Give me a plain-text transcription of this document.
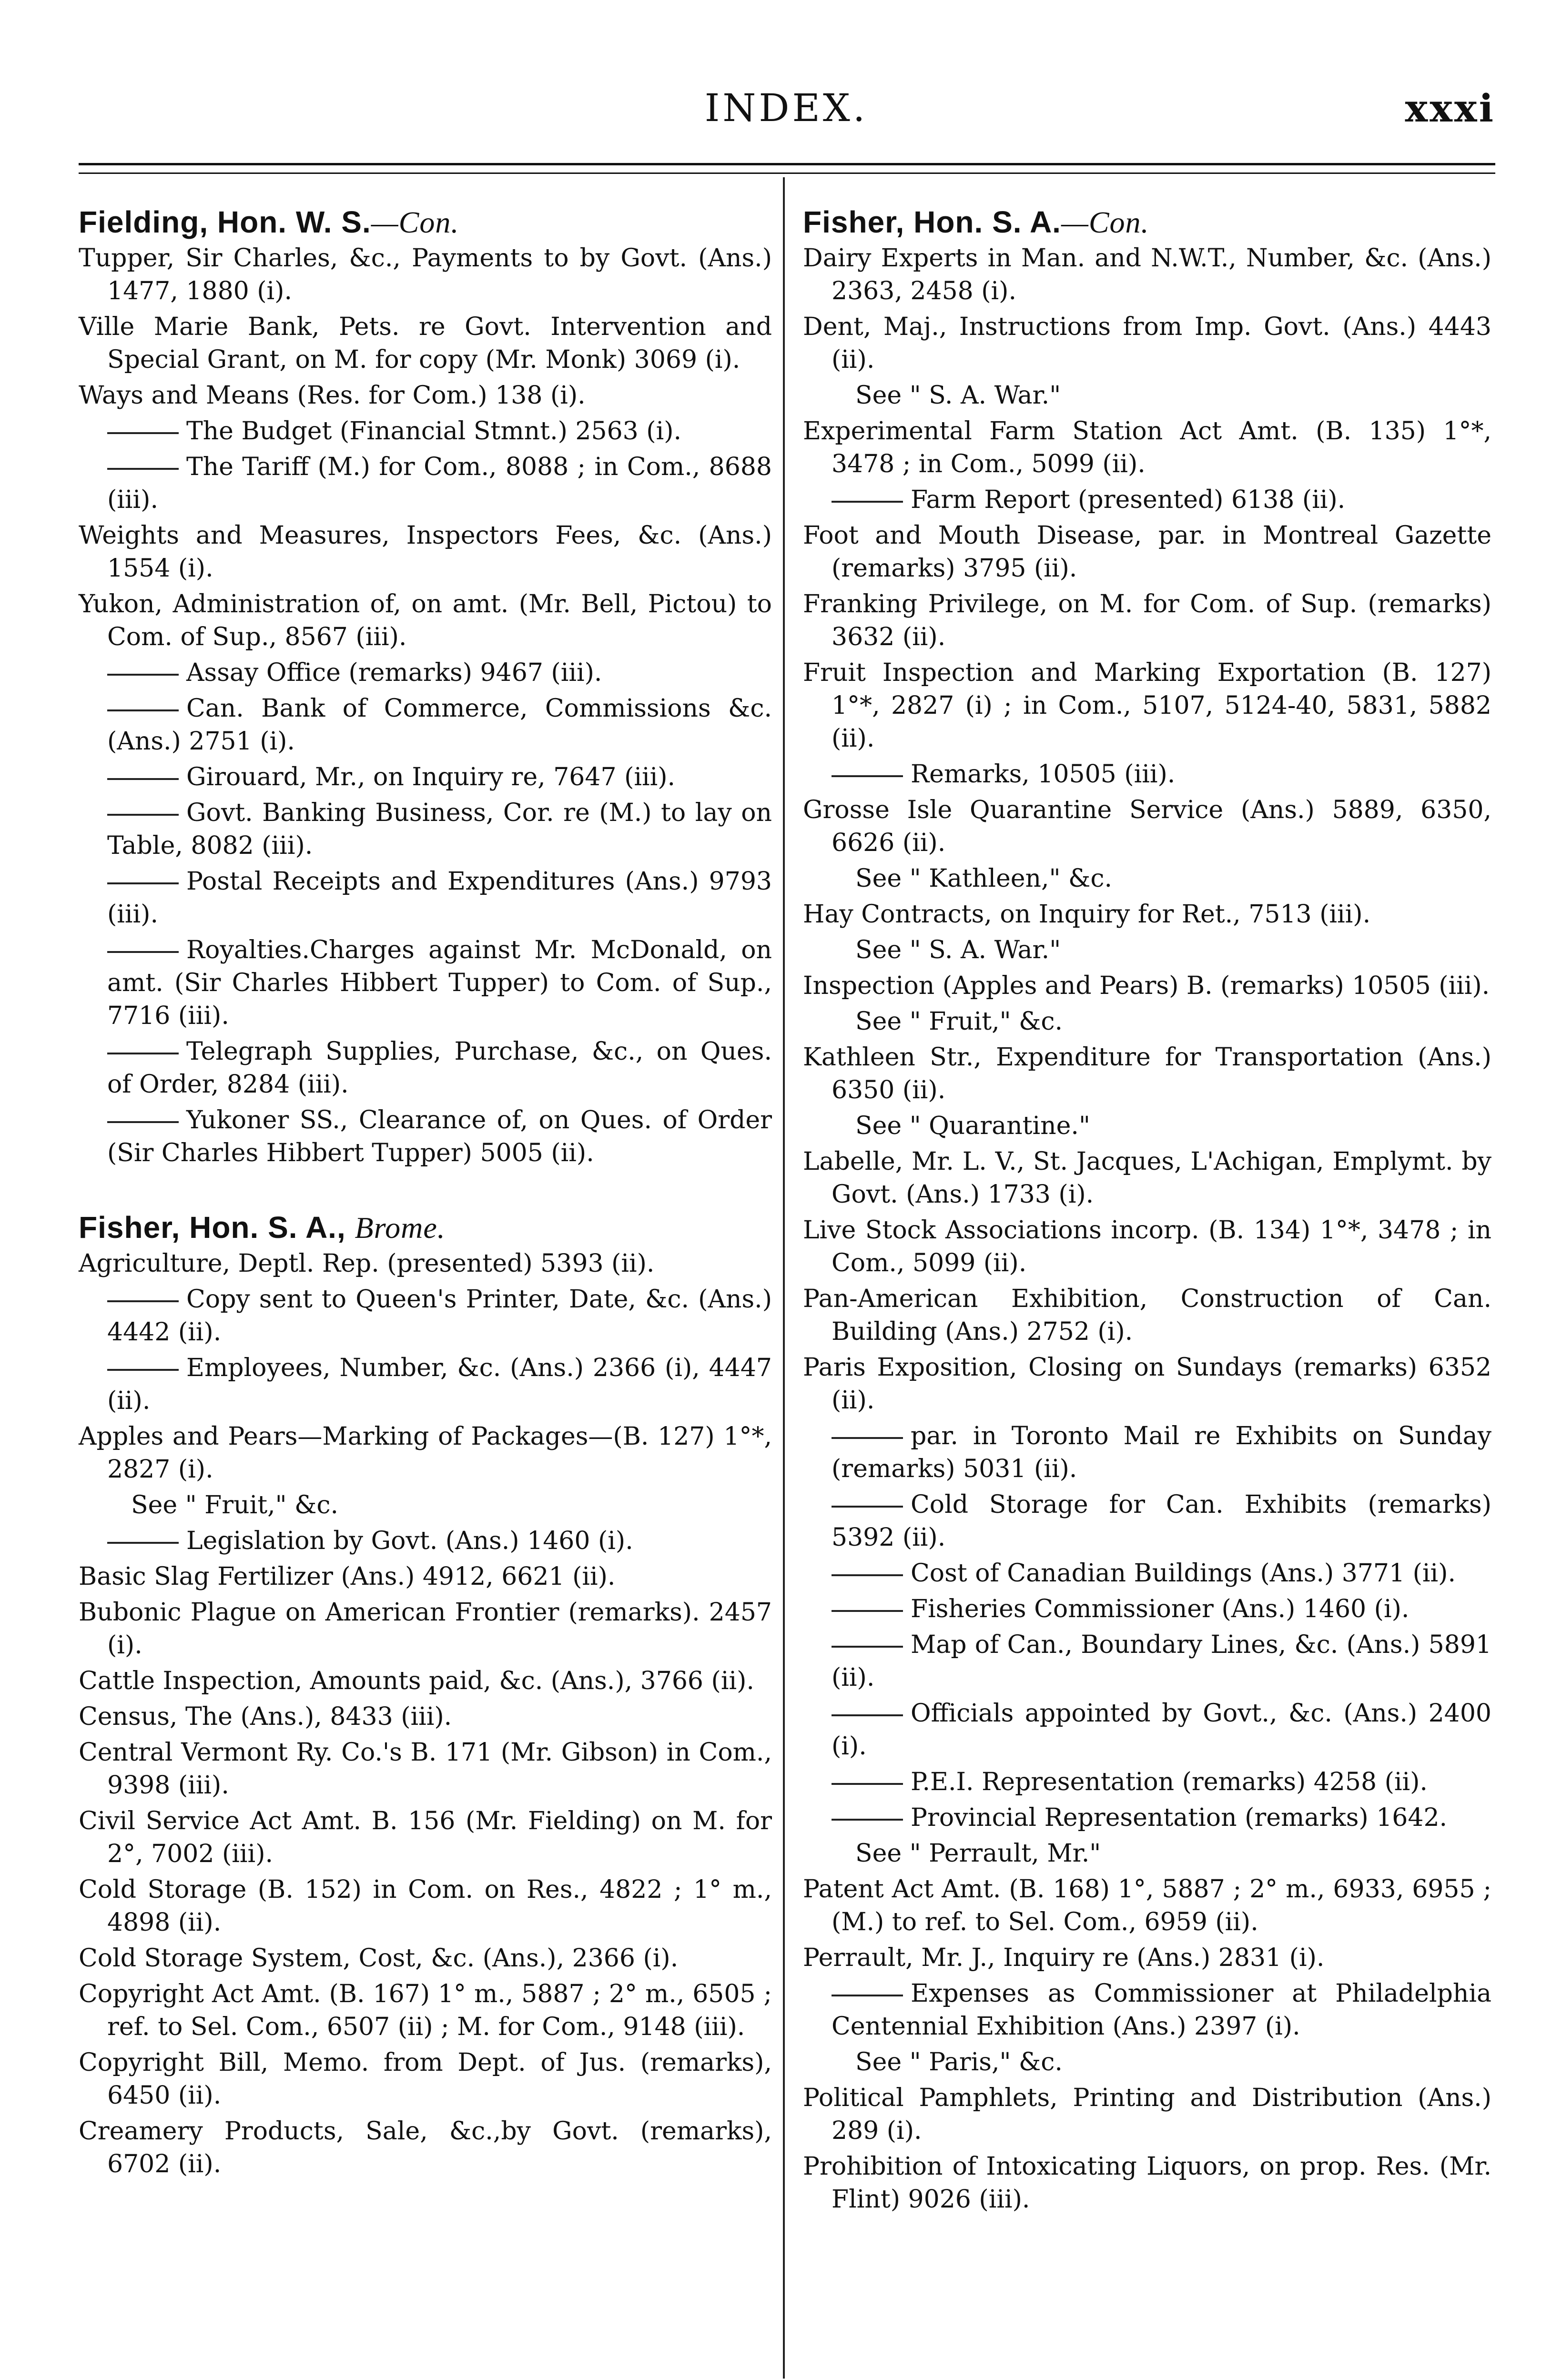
INDEX.	xxxi
Fielding, Hon. W. S.—Con.
Tupper, Sir Charles, &c., Payments to by Govt. (Ans.) 1477, 1880 (i).
Ville Marie Bank, Pets. re Govt. Intervention and Special Grant, on M. for copy (Mr. Monk) 3069 (i).
Ways and Means (Res. for Com.) 138 (i).
The Budget (Financial Stmnt.) 2563 (i).
The Tariff (M.) for Com., 8088 ; in Com., 8688 (iii).
Weights and Measures, Inspectors Fees, &c. (Ans.) 1554 (i).
Yukon, Administration of, on amt. (Mr. Bell, Pictou) to Com. of Sup., 8567 (iii).
Assay Office (remarks) 9467 (iii).
Can. Bank of Commerce, Commissions &c. (Ans.) 2751 (i).
Girouard, Mr., on Inquiry re, 7647 (iii).
Govt. Banking Business, Cor. re (M.) to lay on Table, 8082 (iii).
Postal Receipts and Expenditures (Ans.) 9793 (iii).
Royalties.Charges against Mr. McDonald, on amt. (Sir Charles Hibbert Tupper) to Com. of Sup., 7716 (iii).
Telegraph Supplies, Purchase, &c., on Ques. of Order, 8284 (iii).
Yukoner SS., Clearance of, on Ques. of Order (Sir Charles Hibbert Tupper) 5005 (ii).
Fisher, Hon. S. A., Brome.
Agriculture, Deptl. Rep. (presented) 5393 (ii).
Copy sent to Queen's Printer, Date, &c. (Ans.) 4442 (ii).
Employees, Number, &c. (Ans.) 2366 (i), 4447 (ii).
Apples and Pears—Marking of Packages—(B. 127) 1°*, 2827 (i).
See " Fruit," &c.
Legislation by Govt. (Ans.) 1460 (i).
Basic Slag Fertilizer (Ans.) 4912, 6621 (ii).
Bubonic Plague on American Frontier (remarks). 2457 (i).
Cattle Inspection, Amounts paid, &c. (Ans.), 3766 (ii).
Census, The (Ans.), 8433 (iii).
Central Vermont Ry. Co.'s B. 171 (Mr. Gibson) in Com., 9398 (iii).
Civil Service Act Amt. B. 156 (Mr. Fielding) on M. for 2°, 7002 (iii).
Cold Storage (B. 152) in Com. on Res., 4822 ; 1° m., 4898 (ii).
Cold Storage System, Cost, &c. (Ans.), 2366 (i).
Copyright Act Amt. (B. 167) 1° m., 5887 ; 2° m., 6505 ; ref. to Sel. Com., 6507 (ii) ; M. for Com., 9148 (iii).
Copyright Bill, Memo. from Dept. of Jus. (remarks), 6450 (ii).
Creamery Products, Sale, &c.,by Govt. (remarks), 6702 (ii).
Fisher, Hon. S. A.—Con.
Dairy Experts in Man. and N.W.T., Number, &c. (Ans.) 2363, 2458 (i).
Dent, Maj., Instructions from Imp. Govt. (Ans.) 4443 (ii).
See " S. A. War."
Experimental Farm Station Act Amt. (B. 135) 1°*, 3478 ; in Com., 5099 (ii).
Farm Report (presented) 6138 (ii).
Foot and Mouth Disease, par. in Montreal Gazette (remarks) 3795 (ii).
Franking Privilege, on M. for Com. of Sup. (remarks) 3632 (ii).
Fruit Inspection and Marking Exportation (B. 127) 1°*, 2827 (i) ; in Com., 5107, 5124-40, 5831, 5882 (ii).
Remarks, 10505 (iii).
Grosse Isle Quarantine Service (Ans.) 5889, 6350, 6626 (ii).
See " Kathleen," &c.
Hay Contracts, on Inquiry for Ret., 7513 (iii).
See " S. A. War."
Inspection (Apples and Pears) B. (remarks) 10505 (iii).
See " Fruit," &c.
Kathleen Str., Expenditure for Transportation (Ans.) 6350 (ii).
See " Quarantine."
Labelle, Mr. L. V., St. Jacques, L'Achigan, Emplymt. by Govt. (Ans.) 1733 (i).
Live Stock Associations incorp. (B. 134) 1°*, 3478 ; in Com., 5099 (ii).
Pan-American Exhibition, Construction of Can. Building (Ans.) 2752 (i).
Paris Exposition, Closing on Sundays (remarks) 6352 (ii).
par. in Toronto Mail re Exhibits on Sunday (remarks) 5031 (ii).
Cold Storage for Can. Exhibits (remarks) 5392 (ii).
Cost of Canadian Buildings (Ans.) 3771 (ii).
Fisheries Commissioner (Ans.) 1460 (i).
Map of Can., Boundary Lines, &c. (Ans.) 5891 (ii).
Officials appointed by Govt., &c. (Ans.) 2400 (i).
P.E.I. Representation (remarks) 4258 (ii).
Provincial Representation (remarks) 1642.
See " Perrault, Mr."
Patent Act Amt. (B. 168) 1°, 5887 ; 2° m., 6933, 6955 ; (M.) to ref. to Sel. Com., 6959 (ii).
Perrault, Mr. J., Inquiry re (Ans.) 2831 (i).
Expenses as Commissioner at Philadelphia Centennial Exhibition (Ans.) 2397 (i).
See " Paris," &c.
Political Pamphlets, Printing and Distribution (Ans.) 289 (i).
Prohibition of Intoxicating Liquors, on prop. Res. (Mr. Flint) 9026 (iii).
